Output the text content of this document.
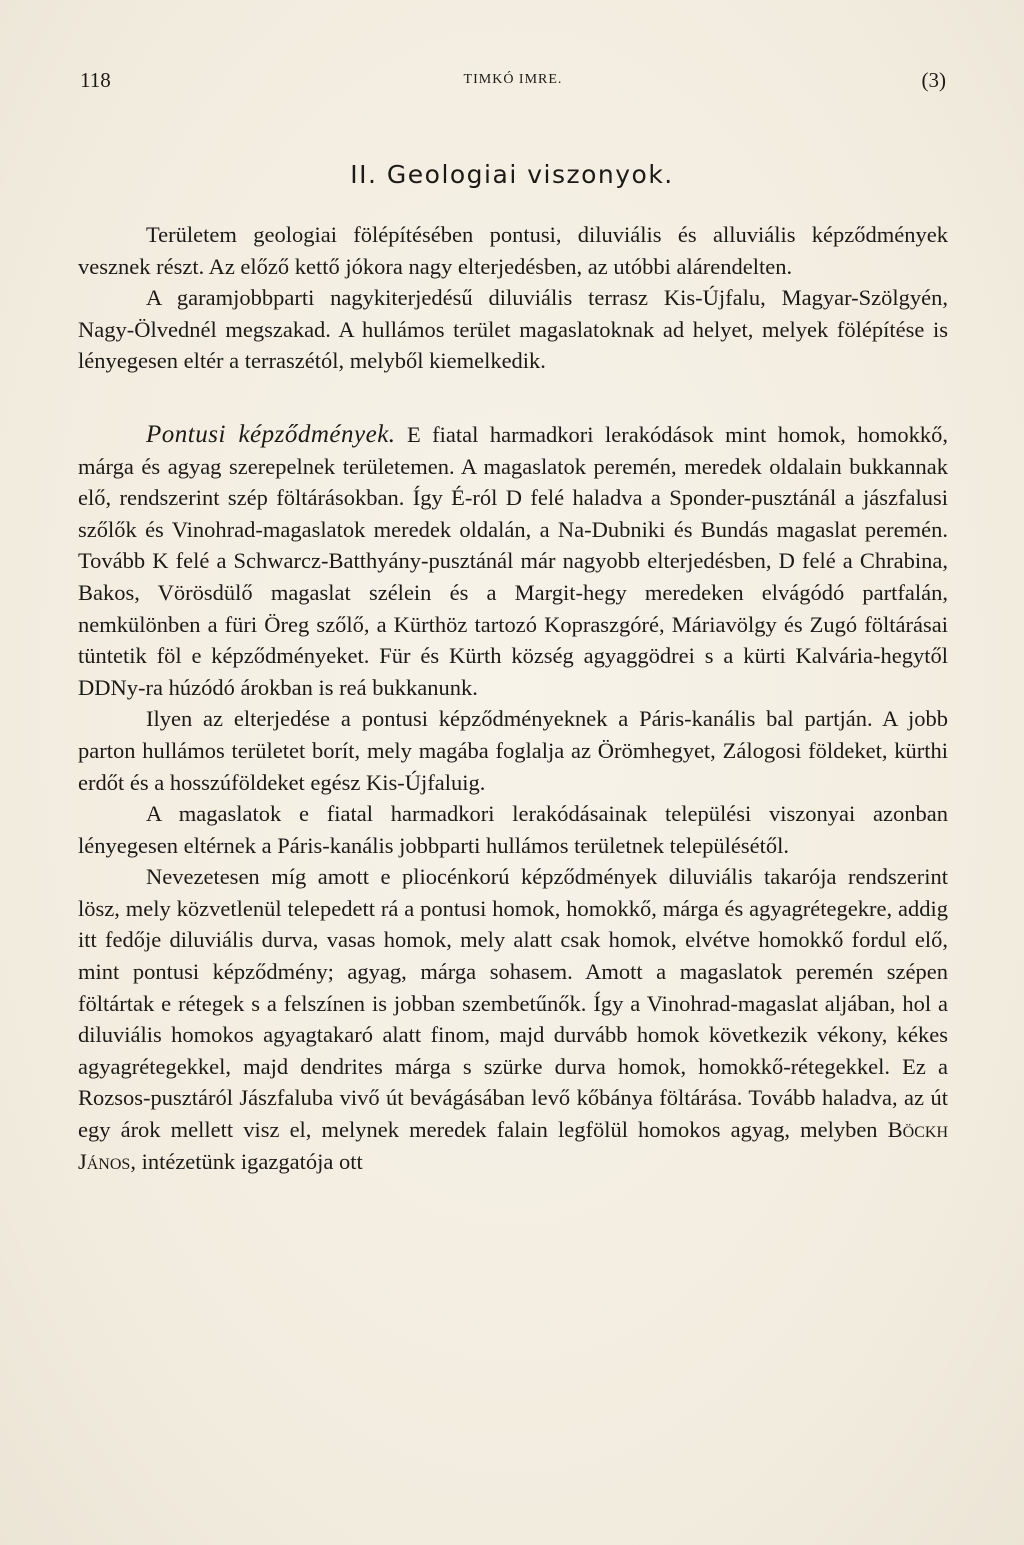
118	TIMKÓ IMRE.	(3)
II. Geologiai viszonyok.

Területem geologiai fölépítésében pontusi, diluviális és alluviális képződmények vesznek részt. Az előző kettő jókora nagy elterjedésben, az utóbbi alárendelten.

A garamjobbparti nagykiterjedésű diluviális terrasz Kis-Újfalu, Magyar-Szölgyén, Nagy-Ölvednél megszakad. A hullámos terület magaslatoknak ad helyet, melyek fölépítése is lényegesen eltér a terraszétól, melyből kiemelkedik.

Pontusi képződmények. E fiatal harmadkori lerakódások mint homok, homokkő, márga és agyag szerepelnek területemen. A magaslatok peremén, meredek oldalain bukkannak elő, rendszerint szép föltárásokban. Így É-ról D felé haladva a Sponder-pusztánál a jászfalusi szőlők és Vinohrad-magaslatok meredek oldalán, a Na-Dubniki és Bundás magaslat peremén. Tovább K felé a Schwarcz-Batthyány-pusztánál már nagyobb elterjedésben, D felé a Chrabina, Bakos, Vörösdülő magaslat szélein és a Margit-hegy meredeken elvágódó partfalán, nemkülönben a füri Öreg szőlő, a Kürthöz tartozó Kopraszgóré, Máriavölgy és Zugó föltárásai tüntetik föl e képződményeket. Für és Kürth község agyaggödrei s a kürti Kalvária-hegytől DDNy-ra húzódó árokban is reá bukkanunk.

Ilyen az elterjedése a pontusi képződményeknek a Páris-kanális bal partján. A jobb parton hullámos területet borít, mely magába foglalja az Örömhegyet, Zálogosi földeket, kürthi erdőt és a hosszúföldeket egész Kis-Újfaluig.

A magaslatok e fiatal harmadkori lerakódásainak települési viszonyai azonban lényegesen eltérnek a Páris-kanális jobbparti hullámos területnek településétől.

Nevezetesen míg amott e pliocénkorú képződmények diluviális takarója rendszerint lösz, mely közvetlenül telepedett rá a pontusi homok, homokkő, márga és agyagrétegekre, addig itt fedője diluviális durva, vasas homok, mely alatt csak homok, elvétve homokkő fordul elő, mint pontusi képződmény; agyag, márga sohasem. Amott a magaslatok peremén szépen föltártak e rétegek s a felszínen is jobban szembetűnők. Így a Vinohrad-magaslat aljában, hol a diluviális homokos agyagtakaró alatt finom, majd durvább homok következik vékony, kékes agyagrétegekkel, majd dendrites márga s szürke durva homok, homokkő-rétegekkel. Ez a Rozsos-pusztáról Jászfaluba vivő út bevágásában levő kőbánya föltárása. Tovább haladva, az út egy árok mellett visz el, melynek meredek falain legfölül homokos agyag, melyben Böckh János, intézetünk igazgatója ott
